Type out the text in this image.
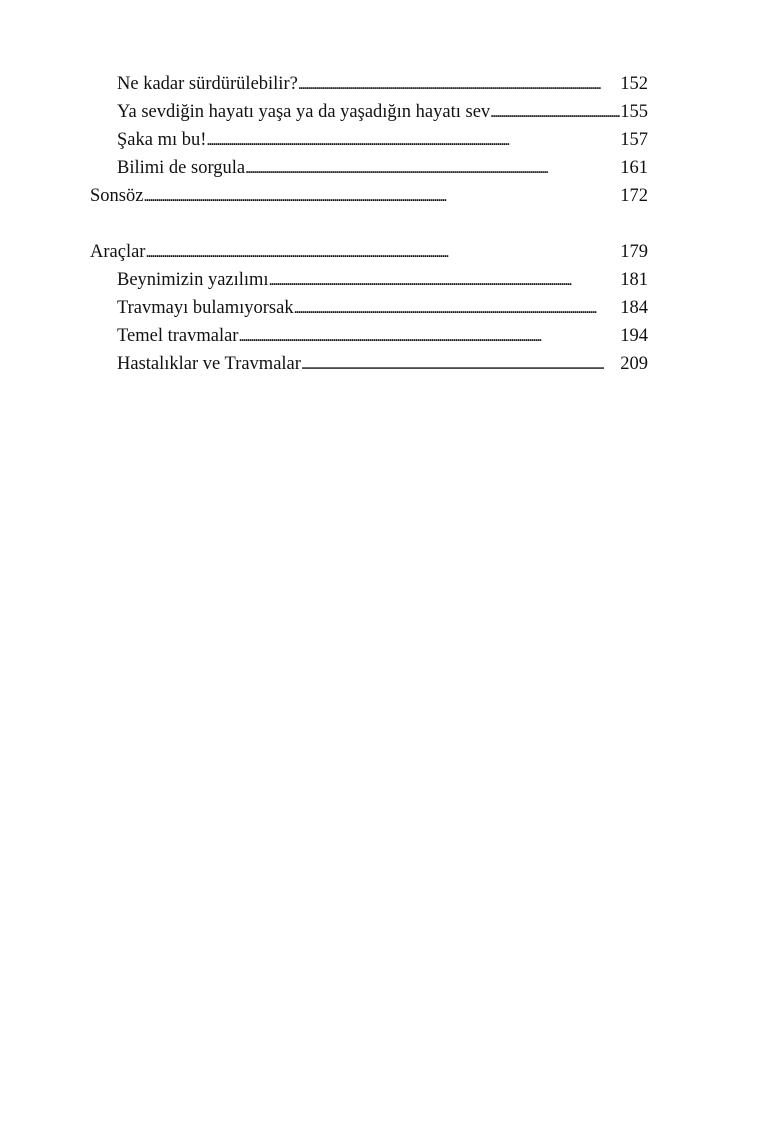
Ne kadar sürdürülebilir? . . .	152
Ya sevdiğin hayatı yaşa ya da yaşadığın hayatı sev . . .	155
Şaka mı bu! . . .	157
Bilimi de sorgula . . .	161
Sonsöz . . .	172
Araçlar . . .	179
Beynimizin yazılımı . . .	181
Travmayı bulamıyorsak . . .	184
Temel travmalar . . .	194
Hastalıklar ve Travmalar . . .	209
